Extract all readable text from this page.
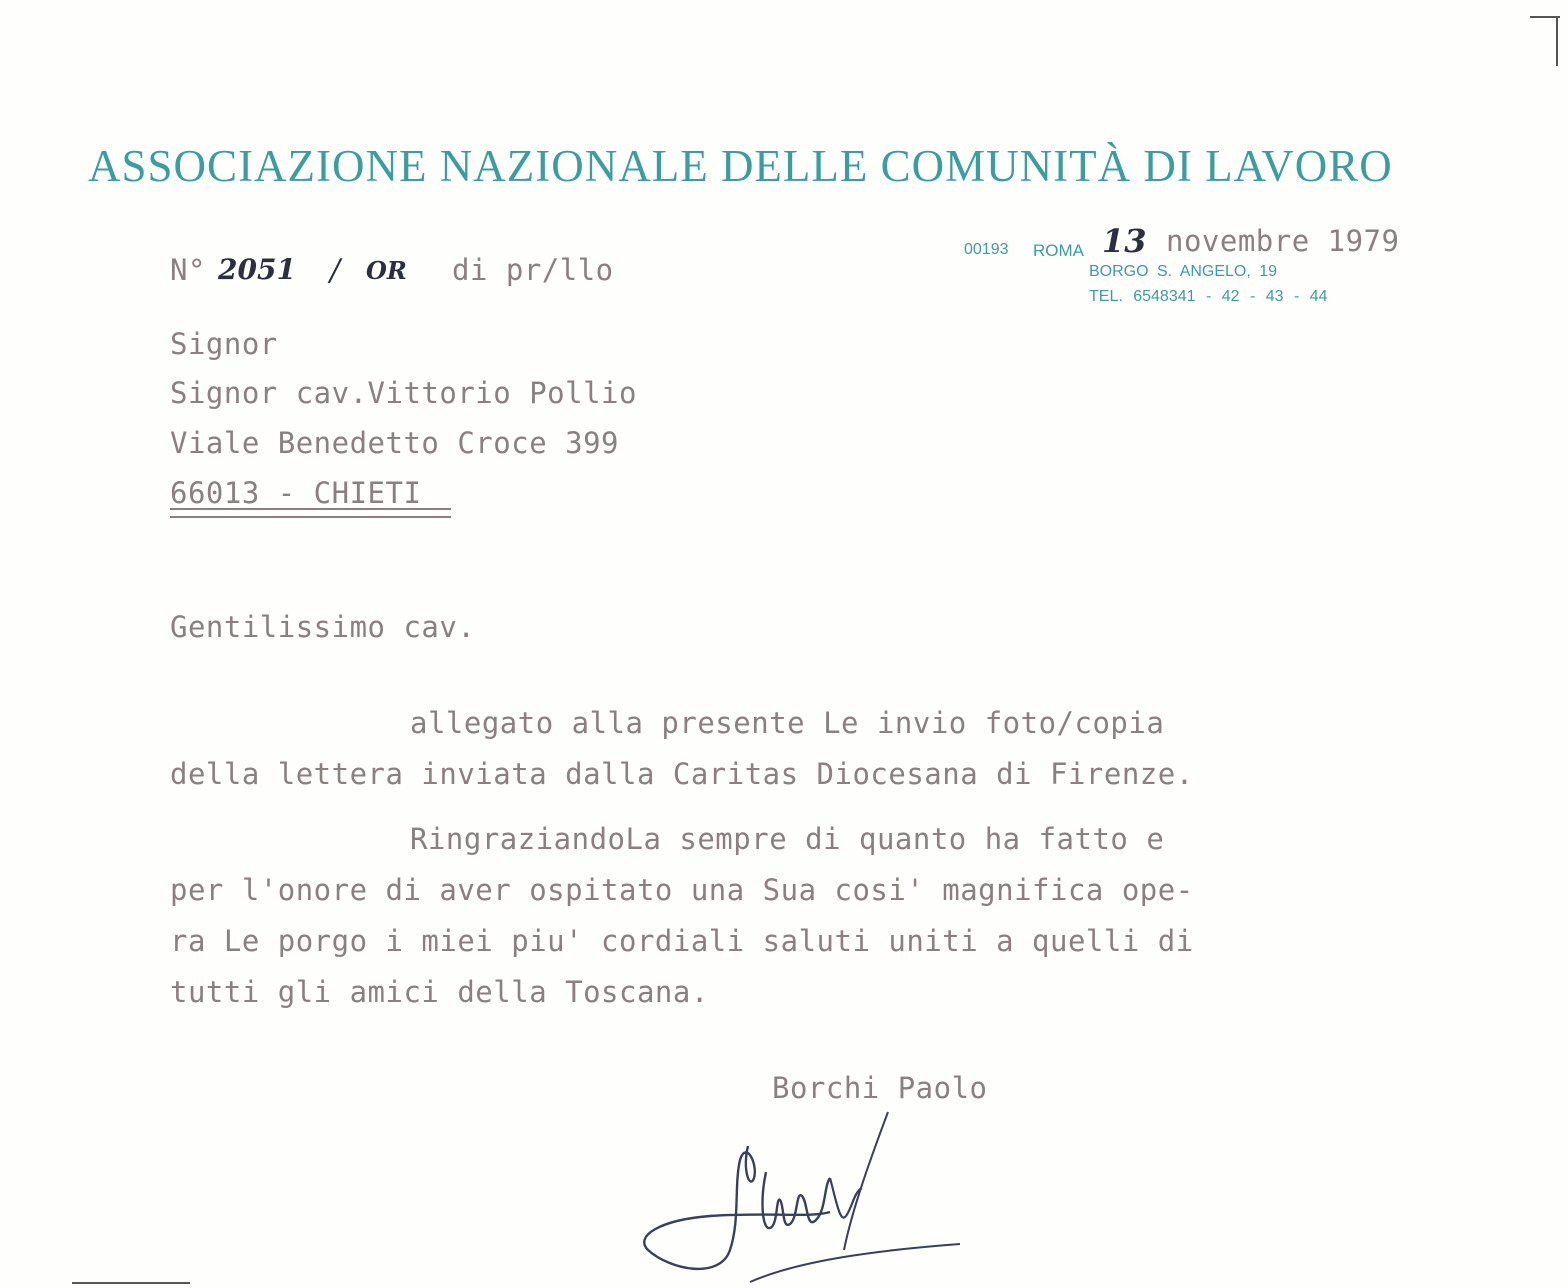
ASSOCIAZIONE NAZIONALE DELLE COMUNITÀ DI LAVORO
00193 ROMA
BORGO S. ANGELO, 19
TEL. 6548341 - 42 - 43 - 44
13 novembre 1979
N° 2051 / OR di pr/llo
Signor
Signor cav.Vittorio Pollio
Viale Benedetto Croce 399
66013 - CHIETI
Gentilissimo cav.
allegato alla presente Le invio foto/copia
della lettera inviata dalla Caritas Diocesana di Firenze.
RingraziandoLa sempre di quanto ha fatto e
per l'onore di aver ospitato una Sua cosi' magnifica ope-
ra Le porgo i miei piu' cordiali saluti uniti a quelli di
tutti gli amici della Toscana.
Borchi Paolo
